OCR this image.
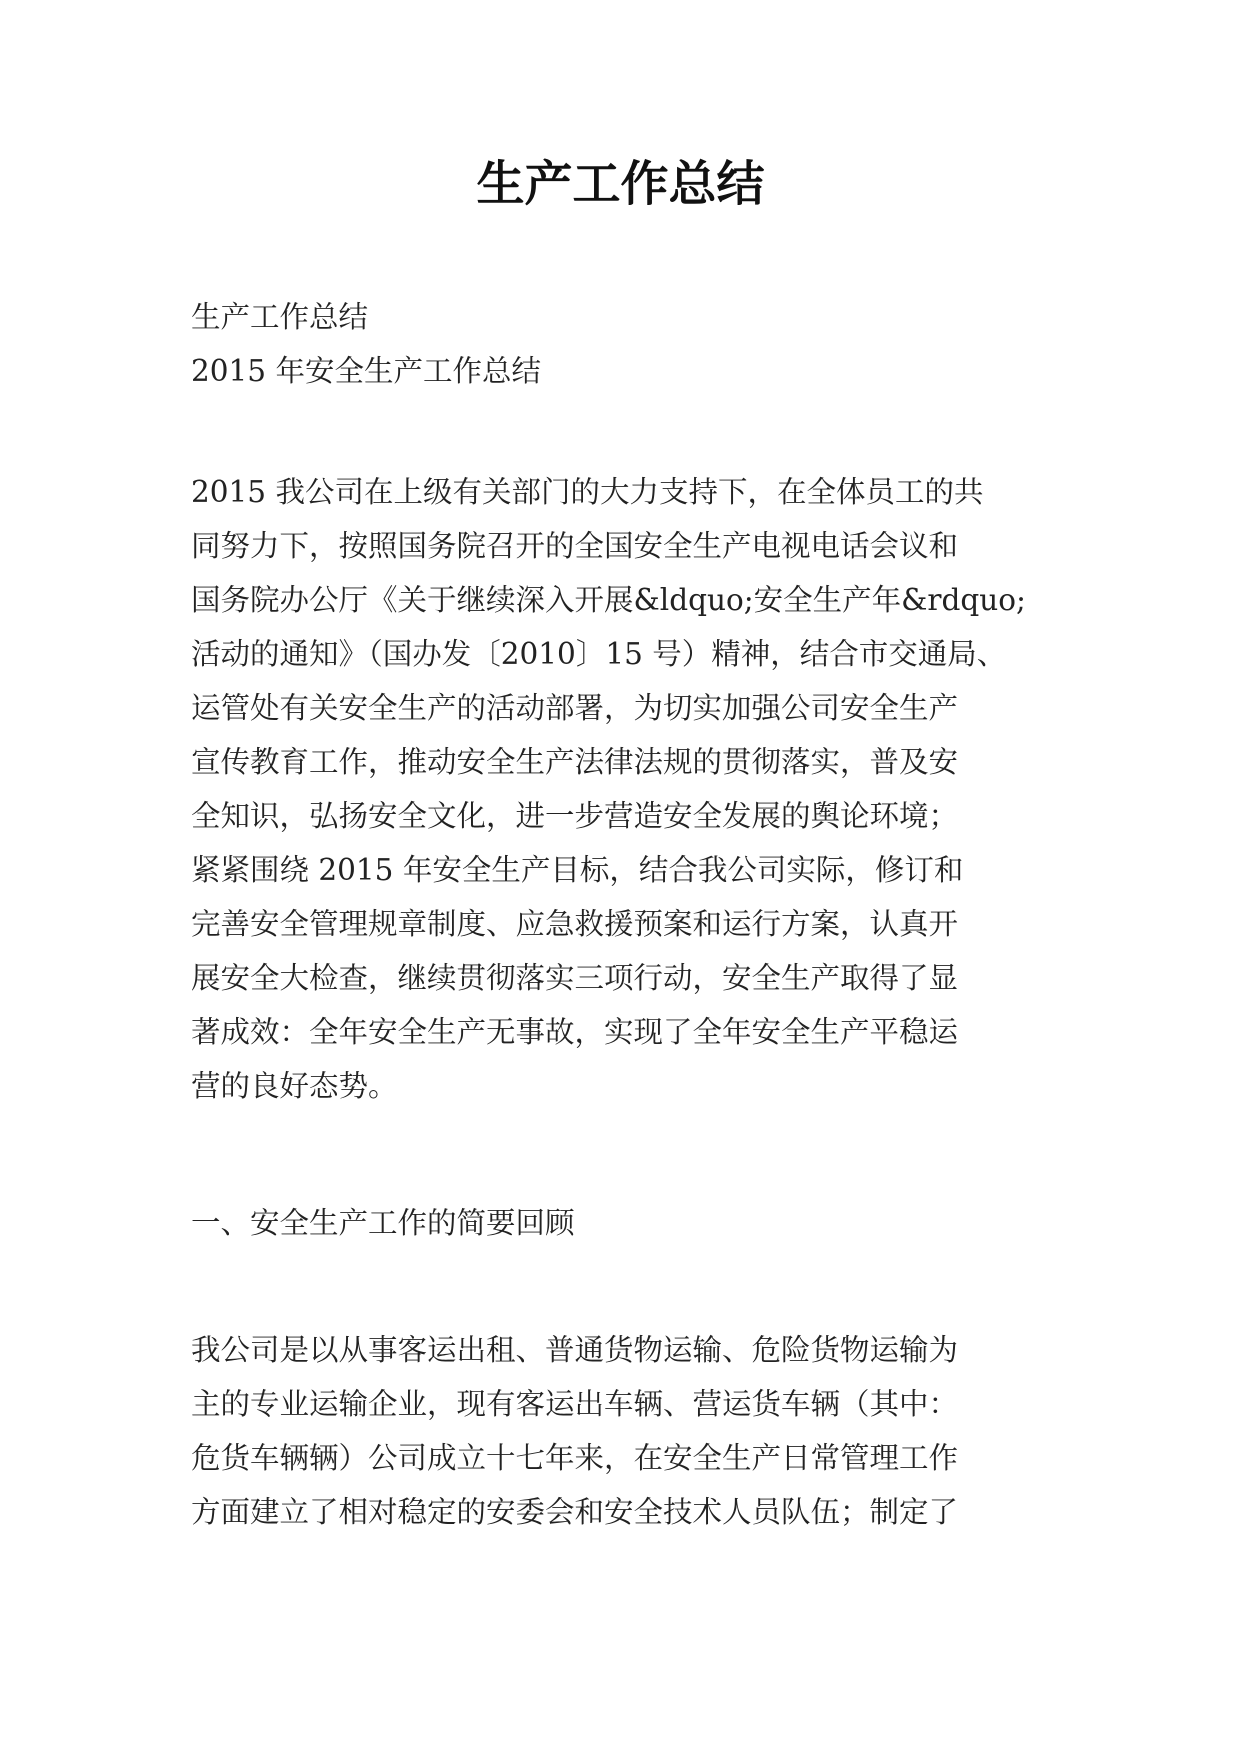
生产工作总结
生产工作总结
2015 年安全生产工作总结
2015 我公司在上级有关部门的大力支持下，在全体员工的共
同努力下，按照国务院召开的全国安全生产电视电话会议和
国务院办公厅《关于继续深入开展&ldquo;安全生产年&rdquo;
活动的通知》（国办发〔2010〕15 号）精神，结合市交通局、
运管处有关安全生产的活动部署，为切实加强公司安全生产
宣传教育工作，推动安全生产法律法规的贯彻落实，普及安
全知识，弘扬安全文化，进一步营造安全发展的舆论环境；
紧紧围绕 2015 年安全生产目标，结合我公司实际，修订和
完善安全管理规章制度、应急救援预案和运行方案，认真开
展安全大检查，继续贯彻落实三项行动，安全生产取得了显
著成效：全年安全生产无事故，实现了全年安全生产平稳运
营的良好态势。
一、安全生产工作的简要回顾
我公司是以从事客运出租、普通货物运输、危险货物运输为
主的专业运输企业，现有客运出车辆、营运货车辆（其中：
危货车辆辆）公司成立十七年来，在安全生产日常管理工作
方面建立了相对稳定的安委会和安全技术人员队伍；制定了
